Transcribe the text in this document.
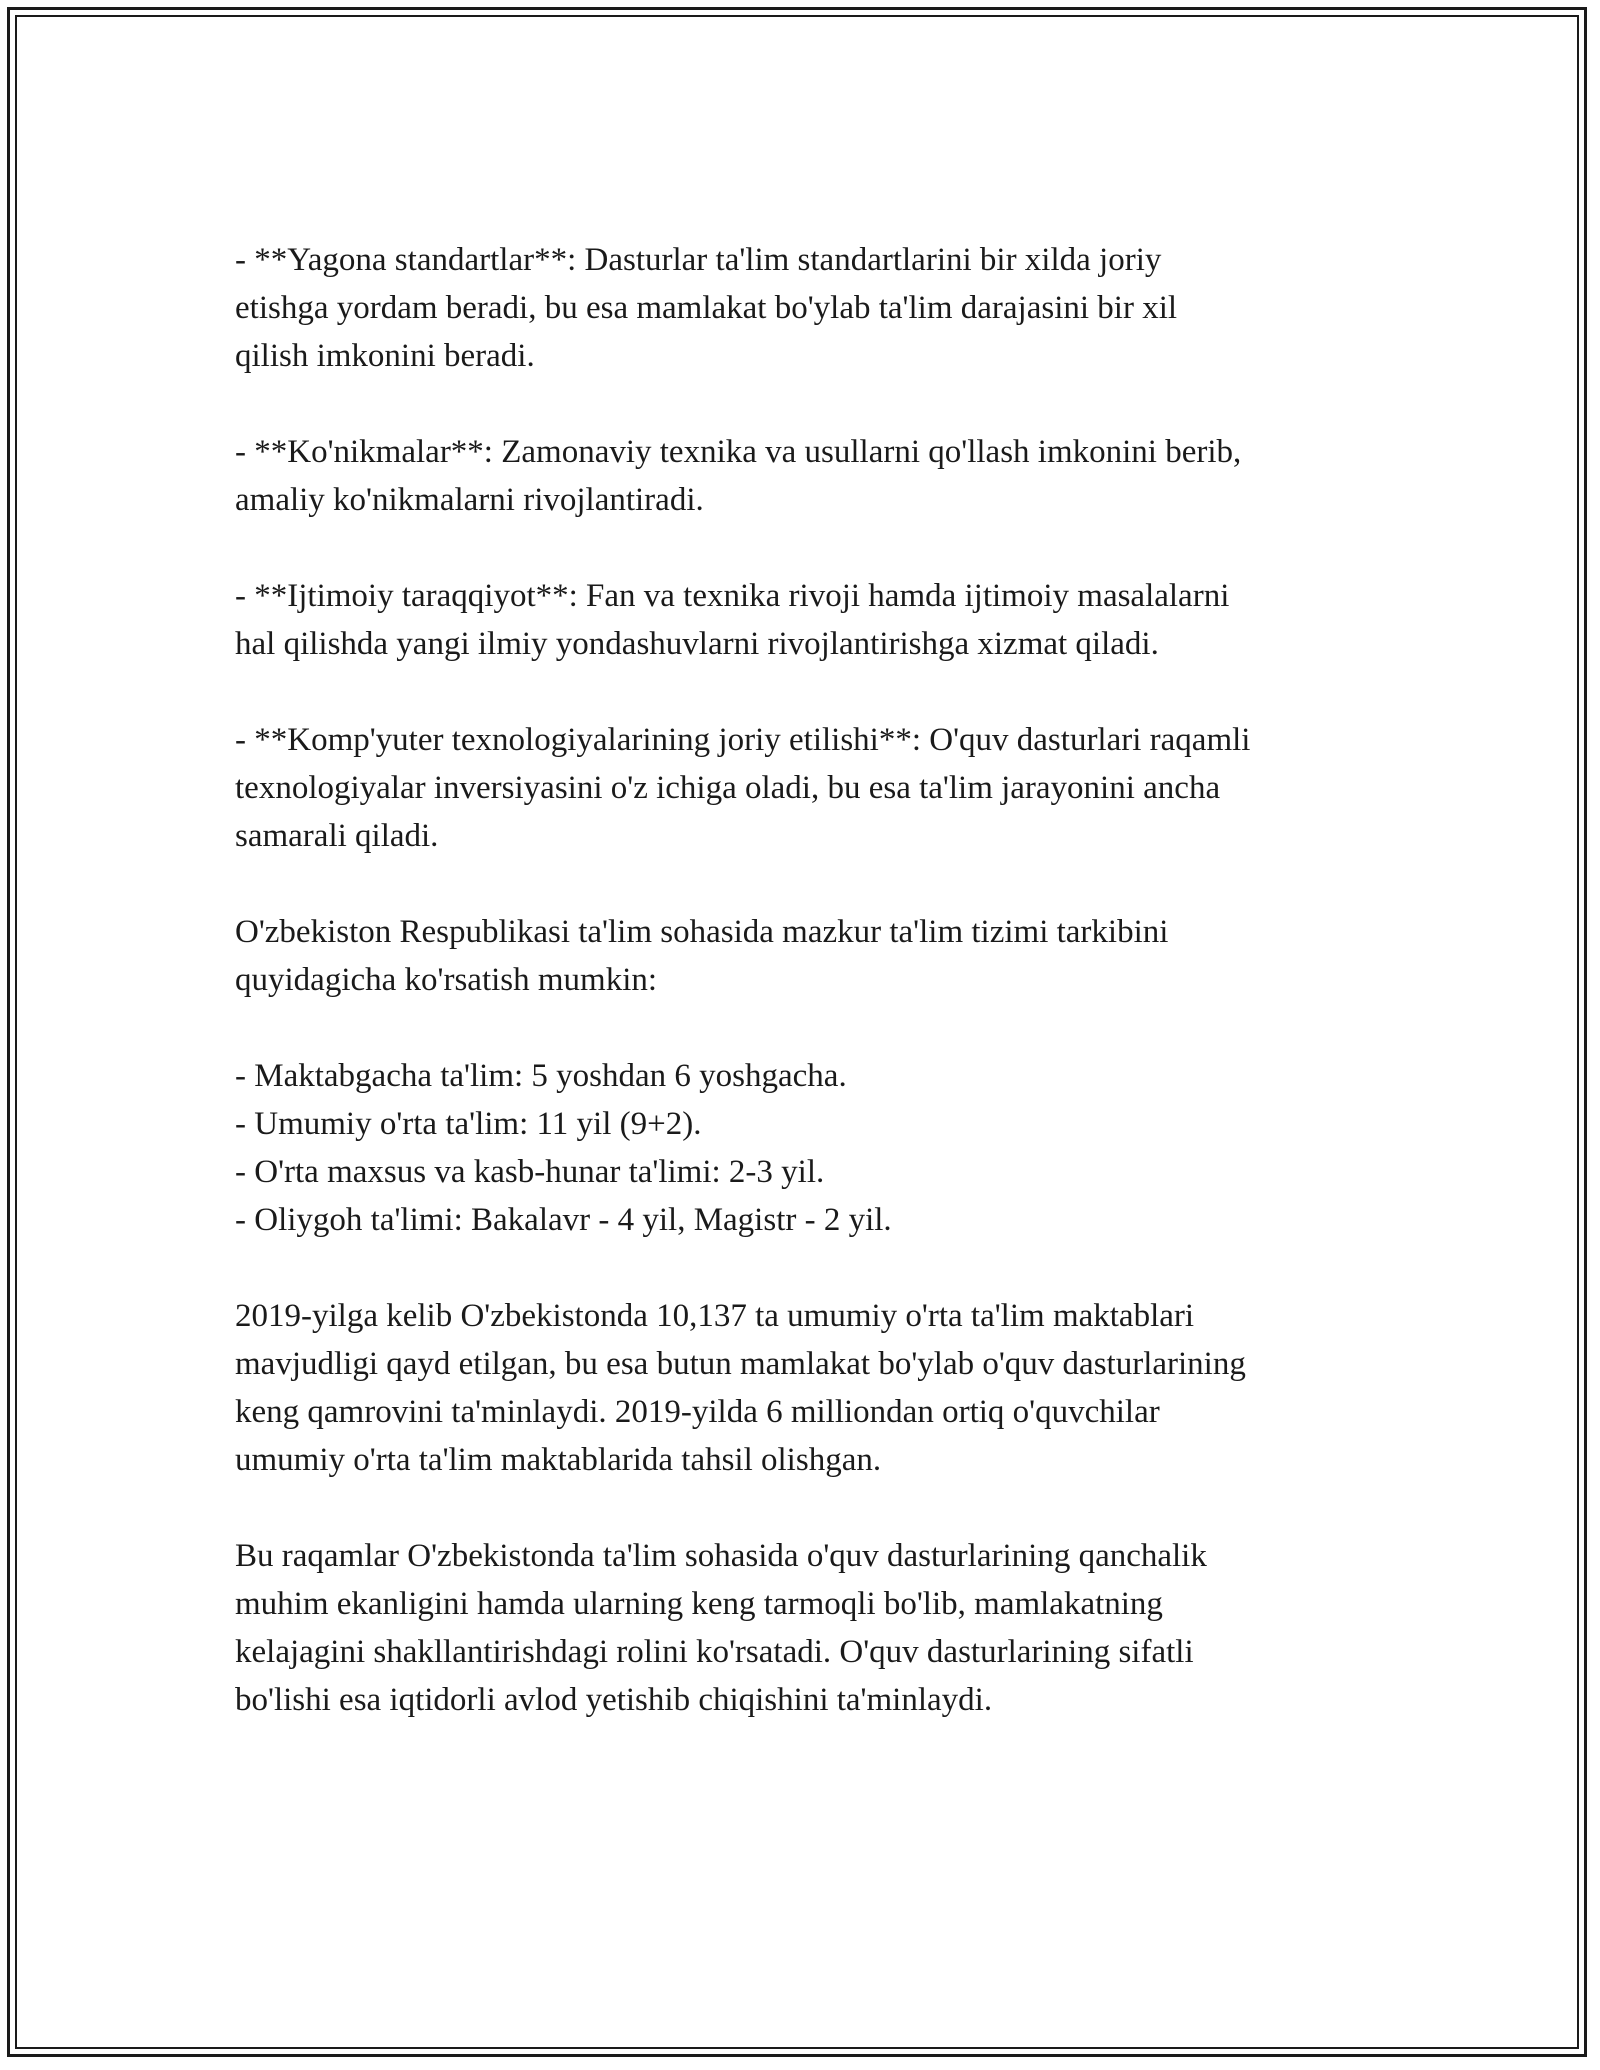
- **Yagona standartlar**: Dasturlar ta'lim standartlarini bir xilda joriy
etishga yordam beradi, bu esa mamlakat bo'ylab ta'lim darajasini bir xil
qilish imkonini beradi.

- **Ko'nikmalar**: Zamonaviy texnika va usullarni qo'llash imkonini berib,
amaliy ko'nikmalarni rivojlantiradi.

- **Ijtimoiy taraqqiyot**: Fan va texnika rivoji hamda ijtimoiy masalalarni
hal qilishda yangi ilmiy yondashuvlarni rivojlantirishga xizmat qiladi.

- **Komp'yuter texnologiyalarining joriy etilishi**: O'quv dasturlari raqamli
texnologiyalar inversiyasini o'z ichiga oladi, bu esa ta'lim jarayonini ancha
samarali qiladi.

O'zbekiston Respublikasi ta'lim sohasida mazkur ta'lim tizimi tarkibini
quyidagicha ko'rsatish mumkin:

- Maktabgacha ta'lim: 5 yoshdan 6 yoshgacha.
- Umumiy o'rta ta'lim: 11 yil (9+2).
- O'rta maxsus va kasb-hunar ta'limi: 2-3 yil.
- Oliygoh ta'limi: Bakalavr - 4 yil, Magistr - 2 yil.

2019-yilga kelib O'zbekistonda 10,137 ta umumiy o'rta ta'lim maktablari
mavjudligi qayd etilgan, bu esa butun mamlakat bo'ylab o'quv dasturlarining
keng qamrovini ta'minlaydi. 2019-yilda 6 milliondan ortiq o'quvchilar
umumiy o'rta ta'lim maktablarida tahsil olishgan.

Bu raqamlar O'zbekistonda ta'lim sohasida o'quv dasturlarining qanchalik
muhim ekanligini hamda ularning keng tarmoqli bo'lib, mamlakatning
kelajagini shakllantirishdagi rolini ko'rsatadi. O'quv dasturlarining sifatli
bo'lishi esa iqtidorli avlod yetishib chiqishini ta'minlaydi.
